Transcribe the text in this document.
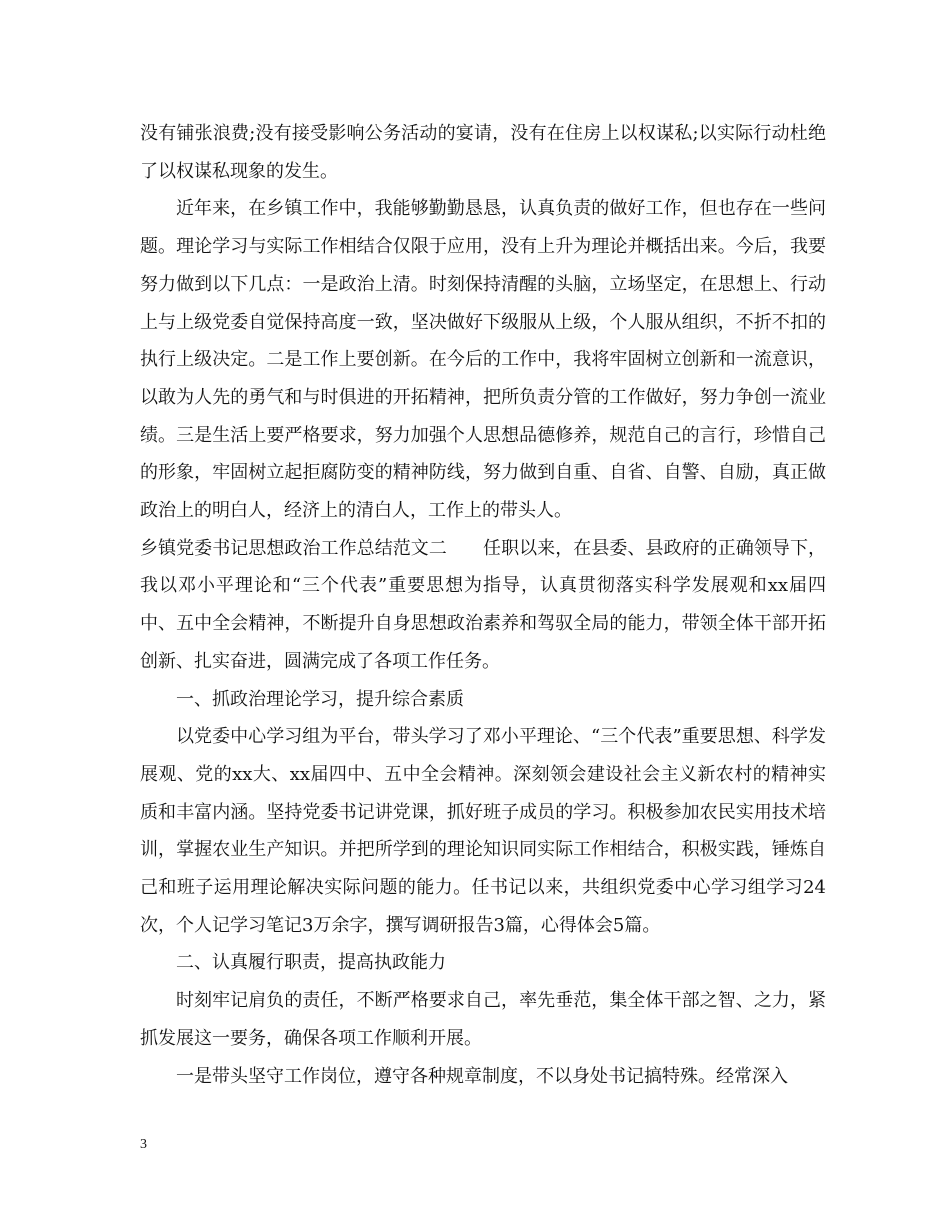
没有铺张浪费;没有接受影响公务活动的宴请，没有在住房上以权谋私;以实际行动杜绝了以权谋私现象的发生。

近年来，在乡镇工作中，我能够勤勤恳恳，认真负责的做好工作，但也存在一些问题。理论学习与实际工作相结合仅限于应用，没有上升为理论并概括出来。今后，我要努力做到以下几点：一是政治上清。时刻保持清醒的头脑，立场坚定，在思想上、行动上与上级党委自觉保持高度一致，坚决做好下级服从上级，个人服从组织，不折不扣的执行上级决定。二是工作上要创新。在今后的工作中，我将牢固树立创新和一流意识，以敢为人先的勇气和与时俱进的开拓精神，把所负责分管的工作做好，努力争创一流业绩。三是生活上要严格要求，努力加强个人思想品德修养，规范自己的言行，珍惜自己的形象，牢固树立起拒腐防变的精神防线，努力做到自重、自省、自警、自励，真正做政治上的明白人，经济上的清白人，工作上的带头人。

乡镇党委书记思想政治工作总结范文二　　任职以来，在县委、县政府的正确领导下，我以邓小平理论和“三个代表”重要思想为指导，认真贯彻落实科学发展观和xx届四中、五中全会精神，不断提升自身思想政治素养和驾驭全局的能力，带领全体干部开拓创新、扎实奋进，圆满完成了各项工作任务。

一、抓政治理论学习，提升综合素质

以党委中心学习组为平台，带头学习了邓小平理论、“三个代表”重要思想、科学发展观、党的xx大、xx届四中、五中全会精神。深刻领会建设社会主义新农村的精神实质和丰富内涵。坚持党委书记讲党课，抓好班子成员的学习。积极参加农民实用技术培训，掌握农业生产知识。并把所学到的理论知识同实际工作相结合，积极实践，锤炼自己和班子运用理论解决实际问题的能力。任书记以来，共组织党委中心学习组学习24次，个人记学习笔记3万余字，撰写调研报告3篇，心得体会5篇。

二、认真履行职责，提高执政能力

时刻牢记肩负的责任，不断严格要求自己，率先垂范，集全体干部之智、之力，紧抓发展这一要务，确保各项工作顺利开展。

一是带头坚守工作岗位，遵守各种规章制度，不以身处书记搞特殊。经常深入

3
